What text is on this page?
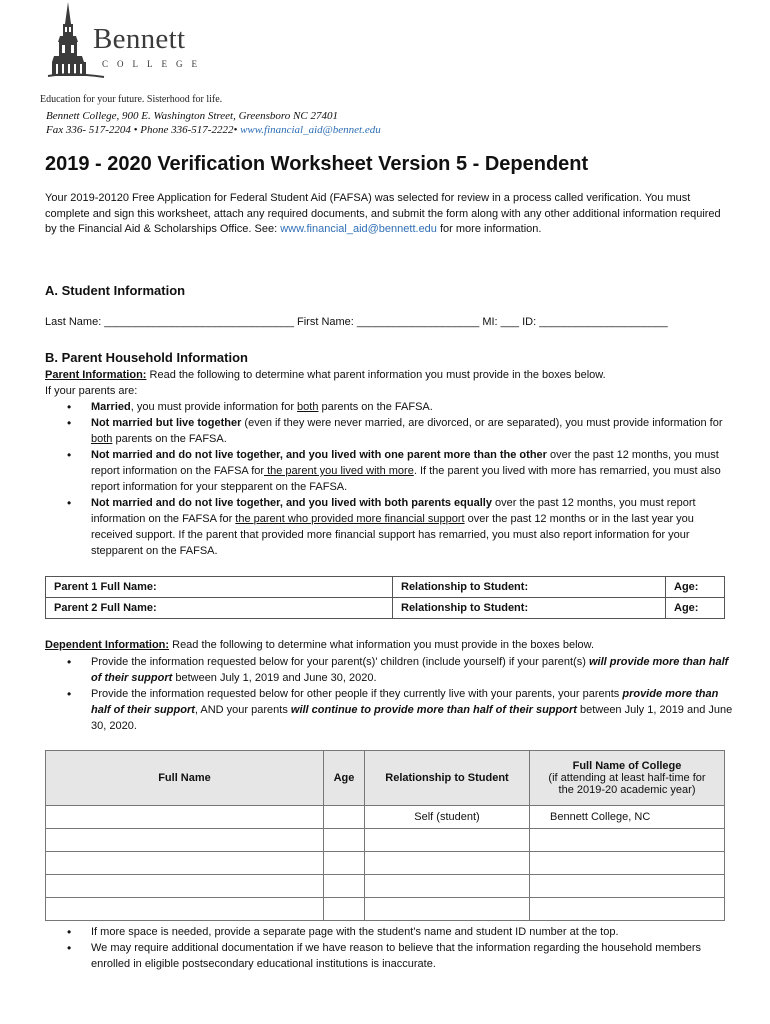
Bennett
COLLEGE
Education for your future. Sisterhood for life.
Bennett College, 900 E. Washington Street, Greensboro NC 27401
Fax 336- 517-2204 • Phone 336-517-2222• www.financial_aid@bennet.edu
2019 - 2020 Verification Worksheet Version 5 - Dependent
Your 2019-20120 Free Application for Federal Student Aid (FAFSA) was selected for review in a process called verification. You must complete and sign this worksheet, attach any required documents, and submit the form along with any other additional information required by the Financial Aid & Scholarships Office. See: www.financial_aid@bennett.edu for more information.
A. Student Information
Last Name: _______________________________ First Name: ____________________ MI: ___ ID: _____________________
B. Parent Household Information
Parent Information: Read the following to determine what parent information you must provide in the boxes below.
If your parents are:
• Married, you must provide information for both parents on the FAFSA.
• Not married but live together (even if they were never married, are divorced, or are separated), you must provide information for both parents on the FAFSA.
• Not married and do not live together, and you lived with one parent more than the other over the past 12 months, you must report information on the FAFSA for the parent you lived with more. If the parent you lived with more has remarried, you must also report information for your stepparent on the FAFSA.
• Not married and do not live together, and you lived with both parents equally over the past 12 months, you must report information on the FAFSA for the parent who provided more financial support over the past 12 months or in the last year you received support. If the parent that provided more financial support has remarried, you must also report information for your stepparent on the FAFSA.
Parent 1 Full Name:	Relationship to Student:	Age:
Parent 2 Full Name:	Relationship to Student:	Age:
Dependent Information: Read the following to determine what information you must provide in the boxes below.
• Provide the information requested below for your parent(s)' children (include yourself) if your parent(s) will provide more than half of their support between July 1, 2019 and June 30, 2020.
• Provide the information requested below for other people if they currently live with your parents, your parents provide more than half of their support, AND your parents will continue to provide more than half of their support between July 1, 2019 and June 30, 2020.
Full Name	Age	Relationship to Student	Full Name of College
(if attending at least half-time for
the 2019-20 academic year)

		Self (student)	Bennett College, NC

• If more space is needed, provide a separate page with the student’s name and student ID number at the top.
• We may require additional documentation if we have reason to believe that the information regarding the household members enrolled in eligible postsecondary educational institutions is inaccurate.
